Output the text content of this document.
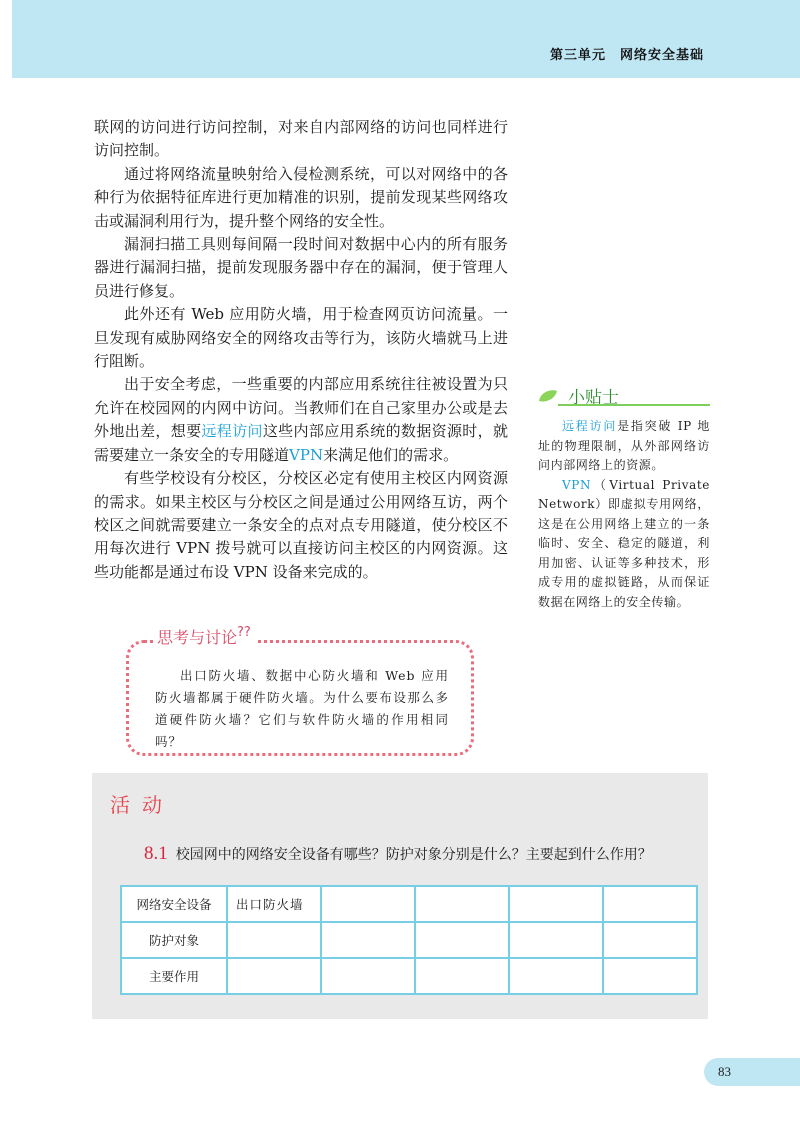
第三单元　网络安全基础

联网的访问进行访问控制，对来自内部网络的访问也同样进行访问控制。

通过将网络流量映射给入侵检测系统，可以对网络中的各种行为依据特征库进行更加精准的识别，提前发现某些网络攻击或漏洞利用行为，提升整个网络的安全性。

漏洞扫描工具则每间隔一段时间对数据中心内的所有服务器进行漏洞扫描，提前发现服务器中存在的漏洞，便于管理人员进行修复。

此外还有 Web 应用防火墙，用于检查网页访问流量。一旦发现有威胁网络安全的网络攻击等行为，该防火墙就马上进行阻断。

出于安全考虑，一些重要的内部应用系统往往被设置为只允许在校园网的内网中访问。当教师们在自己家里办公或是去外地出差，想要远程访问这些内部应用系统的数据资源时，就需要建立一条安全的专用隧道VPN来满足他们的需求。

有些学校设有分校区，分校区必定有使用主校区内网资源的需求。如果主校区与分校区之间是通过公用网络互访，两个校区之间就需要建立一条安全的点对点专用隧道，使分校区不用每次进行 VPN 拨号就可以直接访问主校区的内网资源。这些功能都是通过布设 VPN 设备来完成的。

小贴士

远程访问是指突破 IP 地址的物理限制，从外部网络访问内部网络上的资源。

VPN（Virtual Private Network）即虚拟专用网络，这是在公用网络上建立的一条临时、安全、稳定的隧道，利用加密、认证等多种技术，形成专用的虚拟链路，从而保证数据在网络上的安全传输。

思考与讨论??
出口防火墙、数据中心防火墙和 Web 应用防火墙都属于硬件防火墙。为什么要布设那么多道硬件防火墙？它们与软件防火墙的作用相同吗？
活动
8.1 校园网中的网络安全设备有哪些？防护对象分别是什么？主要起到什么作用？
网络安全设备	出口防火墙				
防护对象					
主要作用					
83
